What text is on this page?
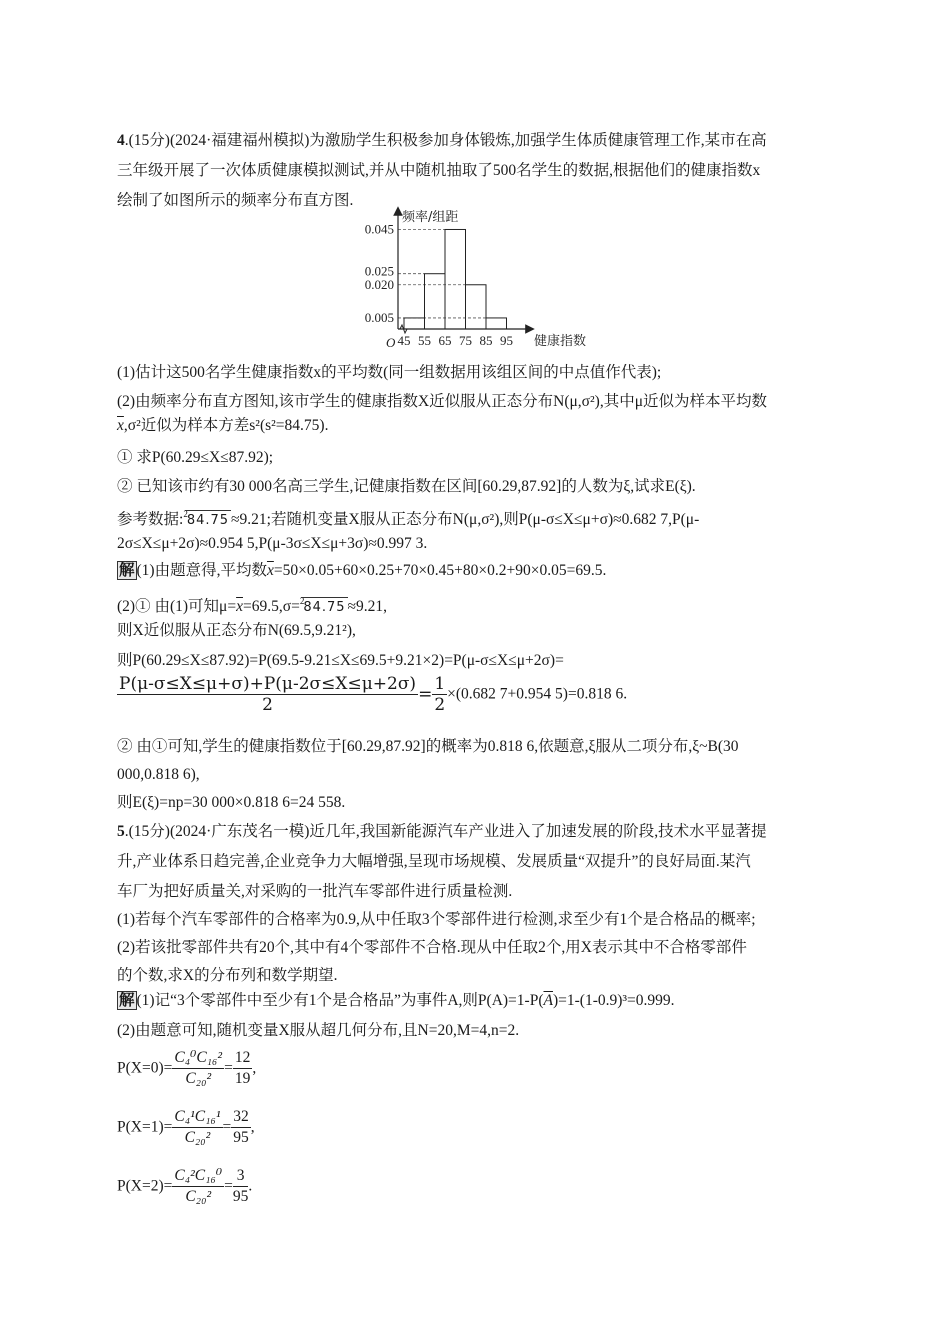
4.(15分)(2024·福建福州模拟)为激励学生积极参加身体锻炼,加强学生体质健康管理工作,某市在高
三年级开展了一次体质健康模拟测试,并从中随机抽取了500名学生的数据,根据他们的健康指数x
绘制了如图所示的频率分布直方图.
频率/组距
健康指数
O
0.005
0.020
0.025
0.045
45 55 65 75 85 95
(1)估计这500名学生健康指数x的平均数(同一组数据用该组区间的中点值作代表);
(2)由频率分布直方图知,该市学生的健康指数X近似服从正态分布N(μ,σ²),其中μ近似为样本平均数
$\overline{x},\sigma^2$近似为样本方差s²(s²=84.75).
① 求P(60.29≤X≤87.92);
② 已知该市约有30 000名高三学生,记健康指数在区间[60.29,87.92]的人数为ξ,试求E(ξ).
参考数据:$^2$84.75 ≈9.21;若随机变量X服从正态分布N(μ,σ²),则P(μ-σ≤X≤μ+σ)≈0.682 7,P(μ-
2σ≤X≤μ+2σ)≈0.954 5,P(μ-3σ≤X≤μ+3σ)≈0.997 3.
解 (1)由题意得,平均数$\overline{x}=50\times 0.05+60\times 0.25+70\times 0.45+80\times 0.2+90\times 0.05=69.5$.
(2)① 由(1)可知$\mu=\overline{x}=69.5,\sigma=^284.75 \approx 9.21$,
则X近似服从正态分布N(69.5,9.21²),
则P(60.29≤X≤87.92)=P(69.5-9.21≤X≤69.5+9.21×2)=P(μ-σ≤X≤μ+2σ)=
$\frac{P(\mu-\sigma\le X\le\mu+\sigma)+P(\mu-2\sigma\le X\le\mu+2\sigma)}{2} = \frac{1}{2} \times(0.682$ 7+0.954 5)=0.818 6.
② 由①可知,学生的健康指数位于[60.29,87.92]的概率为0.818 6,依题意,ξ服从二项分布,ξ~B(30
000,0.818 6),
则E(ξ)=np=30 000×0.818 6=24 558.
5.(15分)(2024·广东茂名一模)近几年,我国新能源汽车产业进入了加速发展的阶段,技术水平显著提
升,产业体系日趋完善,企业竞争力大幅增强,呈现市场规模、发展质量“双提升”的良好局面.某汽
车厂为把好质量关,对采购的一批汽车零部件进行质量检测.
(1)若每个汽车零部件的合格率为0.9,从中任取3个零部件进行检测,求至少有1个是合格品的概率;
(2)若该批零部件共有20个,其中有4个零部件不合格.现从中任取2个,用X表示其中不合格零部件
的个数,求X的分布列和数学期望.
解 (1)记“3个零部件中至少有1个是合格品”为事件A,则$P(A)=1-P(\overline{A})=1-(1-0.9)^3=0.999$.
(2)由题意可知,随机变量X服从超几何分布,且N=20,M=4,n=2.
$P(X=0)= \frac{\text{C₄⁰C₁₆²}}{\text{C₂₀²}} = \frac{12}{19}$ ,
$P(X=1)= \frac{\text{C₄¹C₁₆¹}}{\text{C₂₀²}} = \frac{32}{95}$ ,
$P(X=2)= \frac{\text{C₄²C₁₆⁰}}{\text{C₂₀²}} = \frac{3}{95}$ .
